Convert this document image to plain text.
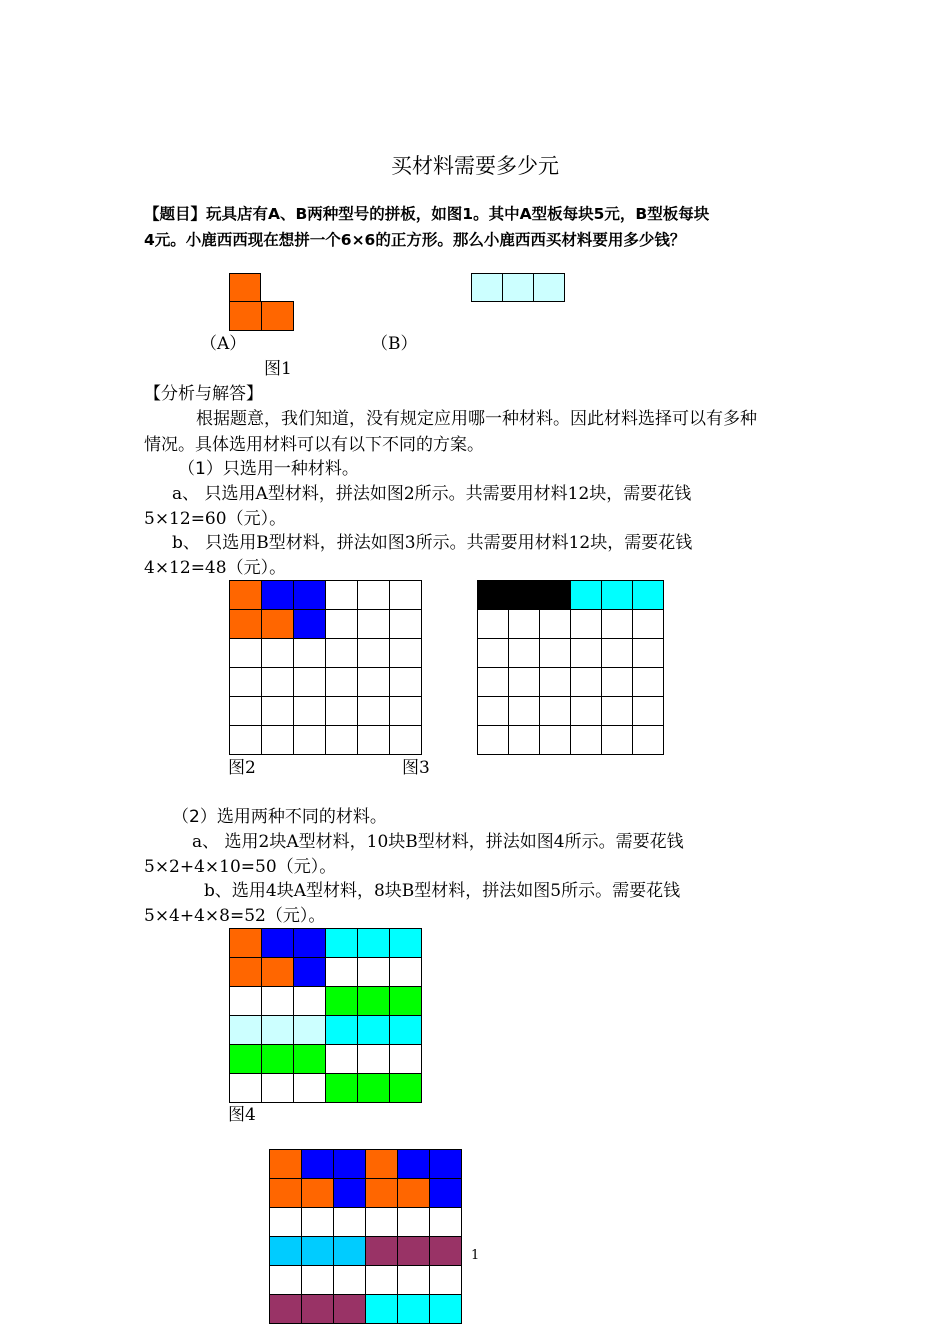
买材料需要多少元
【题目】玩具店有A、B两种型号的拼板，如图1。其中A型板每块5元，B型板每块
4元。小鹿西西现在想拼一个6×6的正方形。那么小鹿西西买材料要用多少钱？
（A）	（B）
图1
【分析与解答】
根据题意，我们知道，没有规定应用哪一种材料。因此材料选择可以有多种
情况。具体选用材料可以有以下不同的方案。
（1）只选用一种材料。
a、 只选用A型材料，拼法如图2所示。共需要用材料12块，需要花钱
5×12=60（元）。
b、 只选用B型材料，拼法如图3所示。共需要用材料12块，需要花钱
4×12=48（元）。
图2	图3
（2）选用两种不同的材料。
a、 选用2块A型材料，10块B型材料，拼法如图4所示。需要花钱
5×2+4×10=50（元）。
b、选用4块A型材料，8块B型材料，拼法如图5所示。需要花钱
5×4+4×8=52（元）。
图4
1
